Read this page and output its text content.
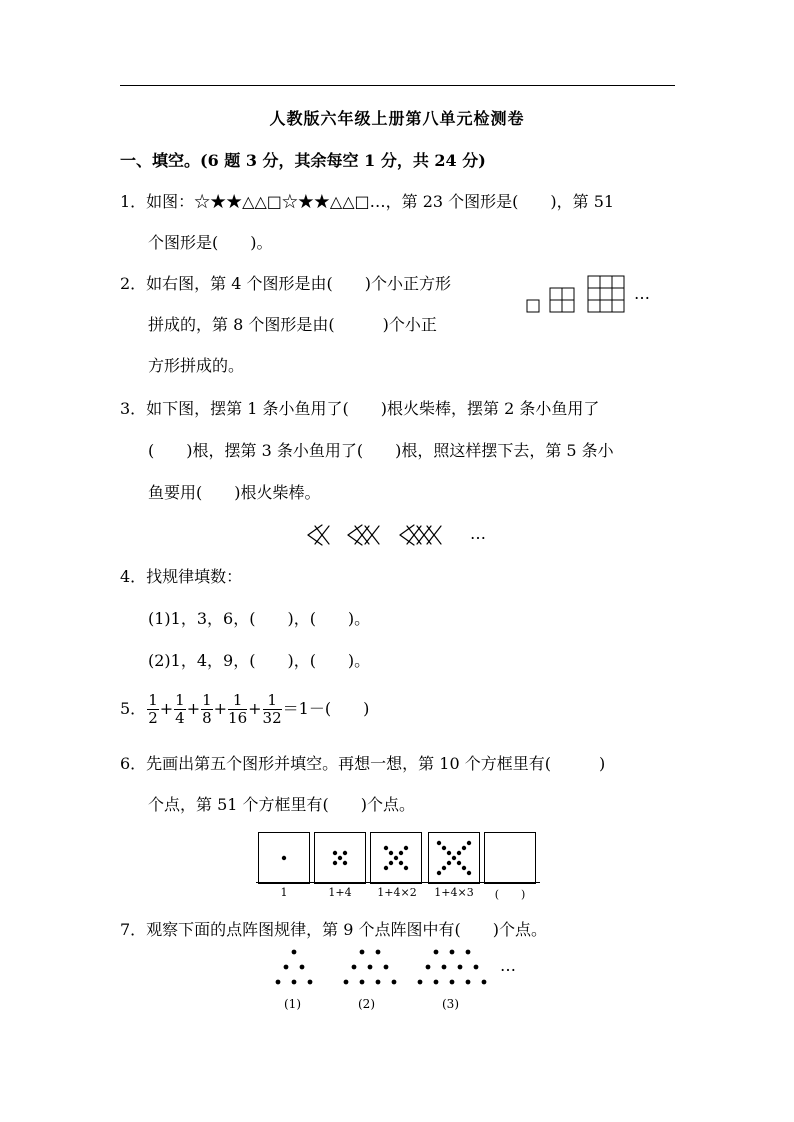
人教版六年级上册第八单元检测卷
一、填空。(6 题 3 分，其余每空 1 分，共 24 分)
1．如图：☆★★△△□☆★★△△□…，第 23 个图形是(　　)，第 51
个图形是(　　)。
2．如右图，第 4 个图形是由(　　)个小正方形
拼成的，第 8 个图形是由(　　　)个小正
方形拼成的。
…
3．如下图，摆第 1 条小鱼用了(　　)根火柴棒，摆第 2 条小鱼用了
(　　)根，摆第 3 条小鱼用了(　　)根，照这样摆下去，第 5 条小
鱼要用(　　)根火柴棒。
…
4．找规律填数：
(1)1，3，6，(　　)，(　　)。
(2)1，4，9，(　　)，(　　)。
5． $\frac{1}{2} + \frac{1}{4} + \frac{1}{8} + \frac{1}{16} + \frac{1}{32} =1-$(　　)
6．先画出第五个图形并填空。再想一想，第 10 个方框里有(　　　)
个点，第 51 个方框里有(　　)个点。
1	1+4	1+4×2	1+4×3	(　　)
7．观察下面的点阵图规律，第 9 个点阵图中有(　　)个点。
…
(1)	(2)	(3)
